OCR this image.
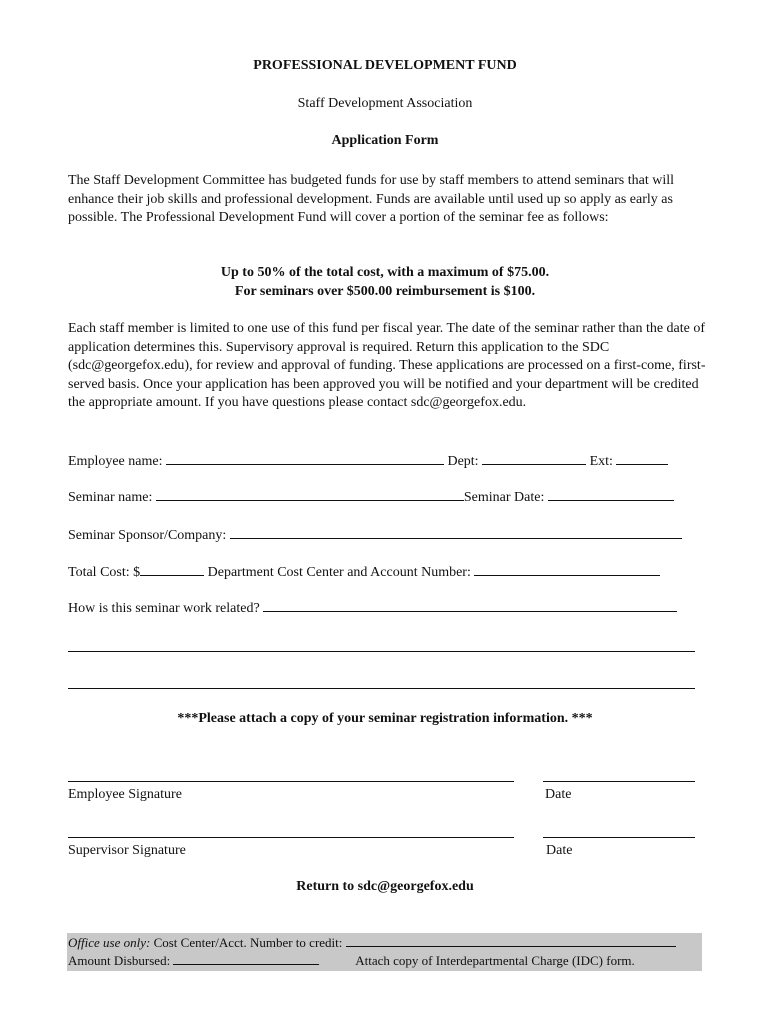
PROFESSIONAL DEVELOPMENT FUND
Staff Development Association
Application Form
The Staff Development Committee has budgeted funds for use by staff members to attend seminars that will enhance their job skills and professional development. Funds are available until used up so apply as early as possible. The Professional Development Fund will cover a portion of the seminar fee as follows:
Up to 50% of the total cost, with a maximum of $75.00.
For seminars over $500.00 reimbursement is $100.
Each staff member is limited to one use of this fund per fiscal year. The date of the seminar rather than the date of application determines this. Supervisory approval is required. Return this application to the SDC (sdc@georgefox.edu), for review and approval of funding. These applications are processed on a first-come, first-served basis. Once your application has been approved you will be notified and your department will be credited the appropriate amount. If you have questions please contact sdc@georgefox.edu.
Employee name:	Dept:	Ext:
Seminar name:	Seminar Date:
Seminar Sponsor/Company:
Total Cost: $	Department Cost Center and Account Number:
How is this seminar work related?
***Please attach a copy of your seminar registration information. ***
Employee Signature	Date
Supervisor Signature	Date
Return to sdc@georgefox.edu
Office use only: Cost Center/Acct. Number to credit:
Amount Disbursed:	Attach copy of Interdepartmental Charge (IDC) form.
